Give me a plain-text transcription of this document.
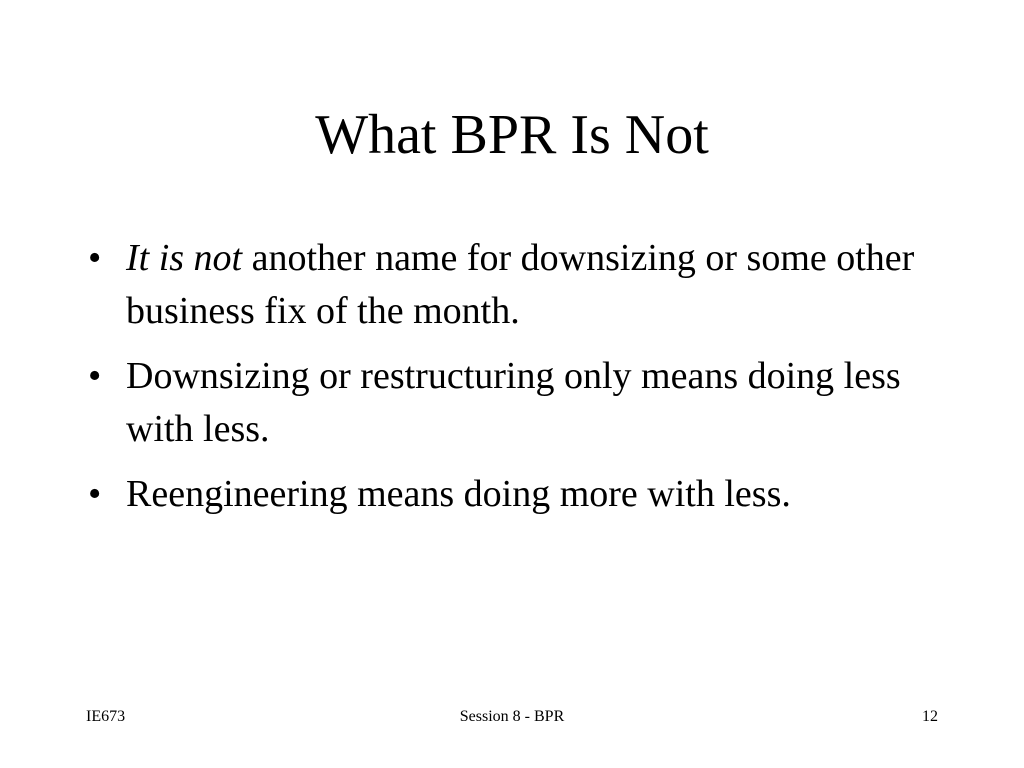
What BPR Is Not
• It is not another name for downsizing or some other business fix of the month.
• Downsizing or restructuring only means doing less with less.
• Reengineering means doing more with less.
IE673	Session 8 - BPR	12
